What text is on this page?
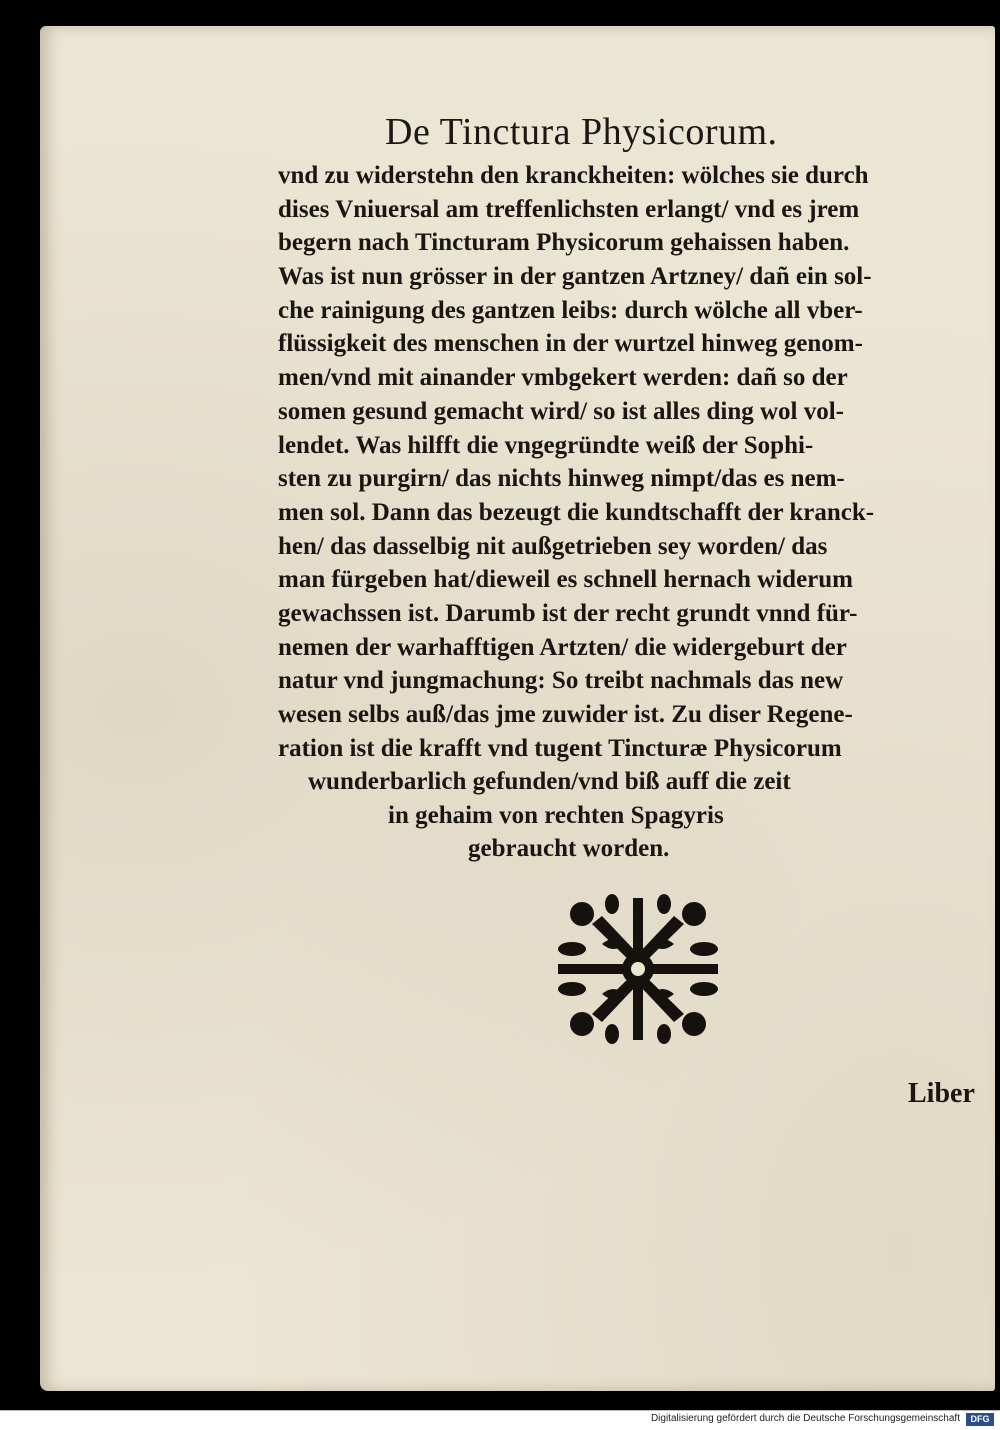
De Tinctura Physicorum.
vnd zu widerstehn den kranckheiten: wölches sie durch
dises Vniuersal am treffenlichsten erlangt/ vnd es jrem
begern nach Tincturam Physicorum gehaissen haben.
Was ist nun grösser in der gantzen Artzney/ dañ ein sol-
che rainigung des gantzen leibs: durch wölche all vber-
flüssigkeit des menschen in der wurtzel hinweg genom-
men/vnd mit ainander vmbgekert werden: dañ so der
somen gesund gemacht wird/ so ist alles ding wol vol-
lendet. Was hilfft die vngegründte weiß der Sophi-
sten zu purgirn/ das nichts hinweg nimpt/das es nem-
men sol. Dann das bezeugt die kundtschafft der kranck-
hen/ das dasselbig nit außgetrieben sey worden/ das
man fürgeben hat/dieweil es schnell hernach widerum
gewachssen ist. Darumb ist der recht grundt vnnd für-
nemen der warhafftigen Artzten/ die widergeburt der
natur vnd jungmachung: So treibt nachmals das new
wesen selbs auß/das jme zuwider ist. Zu diser Regene-
ration ist die krafft vnd tugent Tincturæ Physicorum
wunderbarlich gefunden/vnd biß auff die zeit
in gehaim von rechten Spagyris
gebraucht worden.
Liber
Digitalisierung gefördert durch die Deutsche Forschungsgemeinschaft	DFG
